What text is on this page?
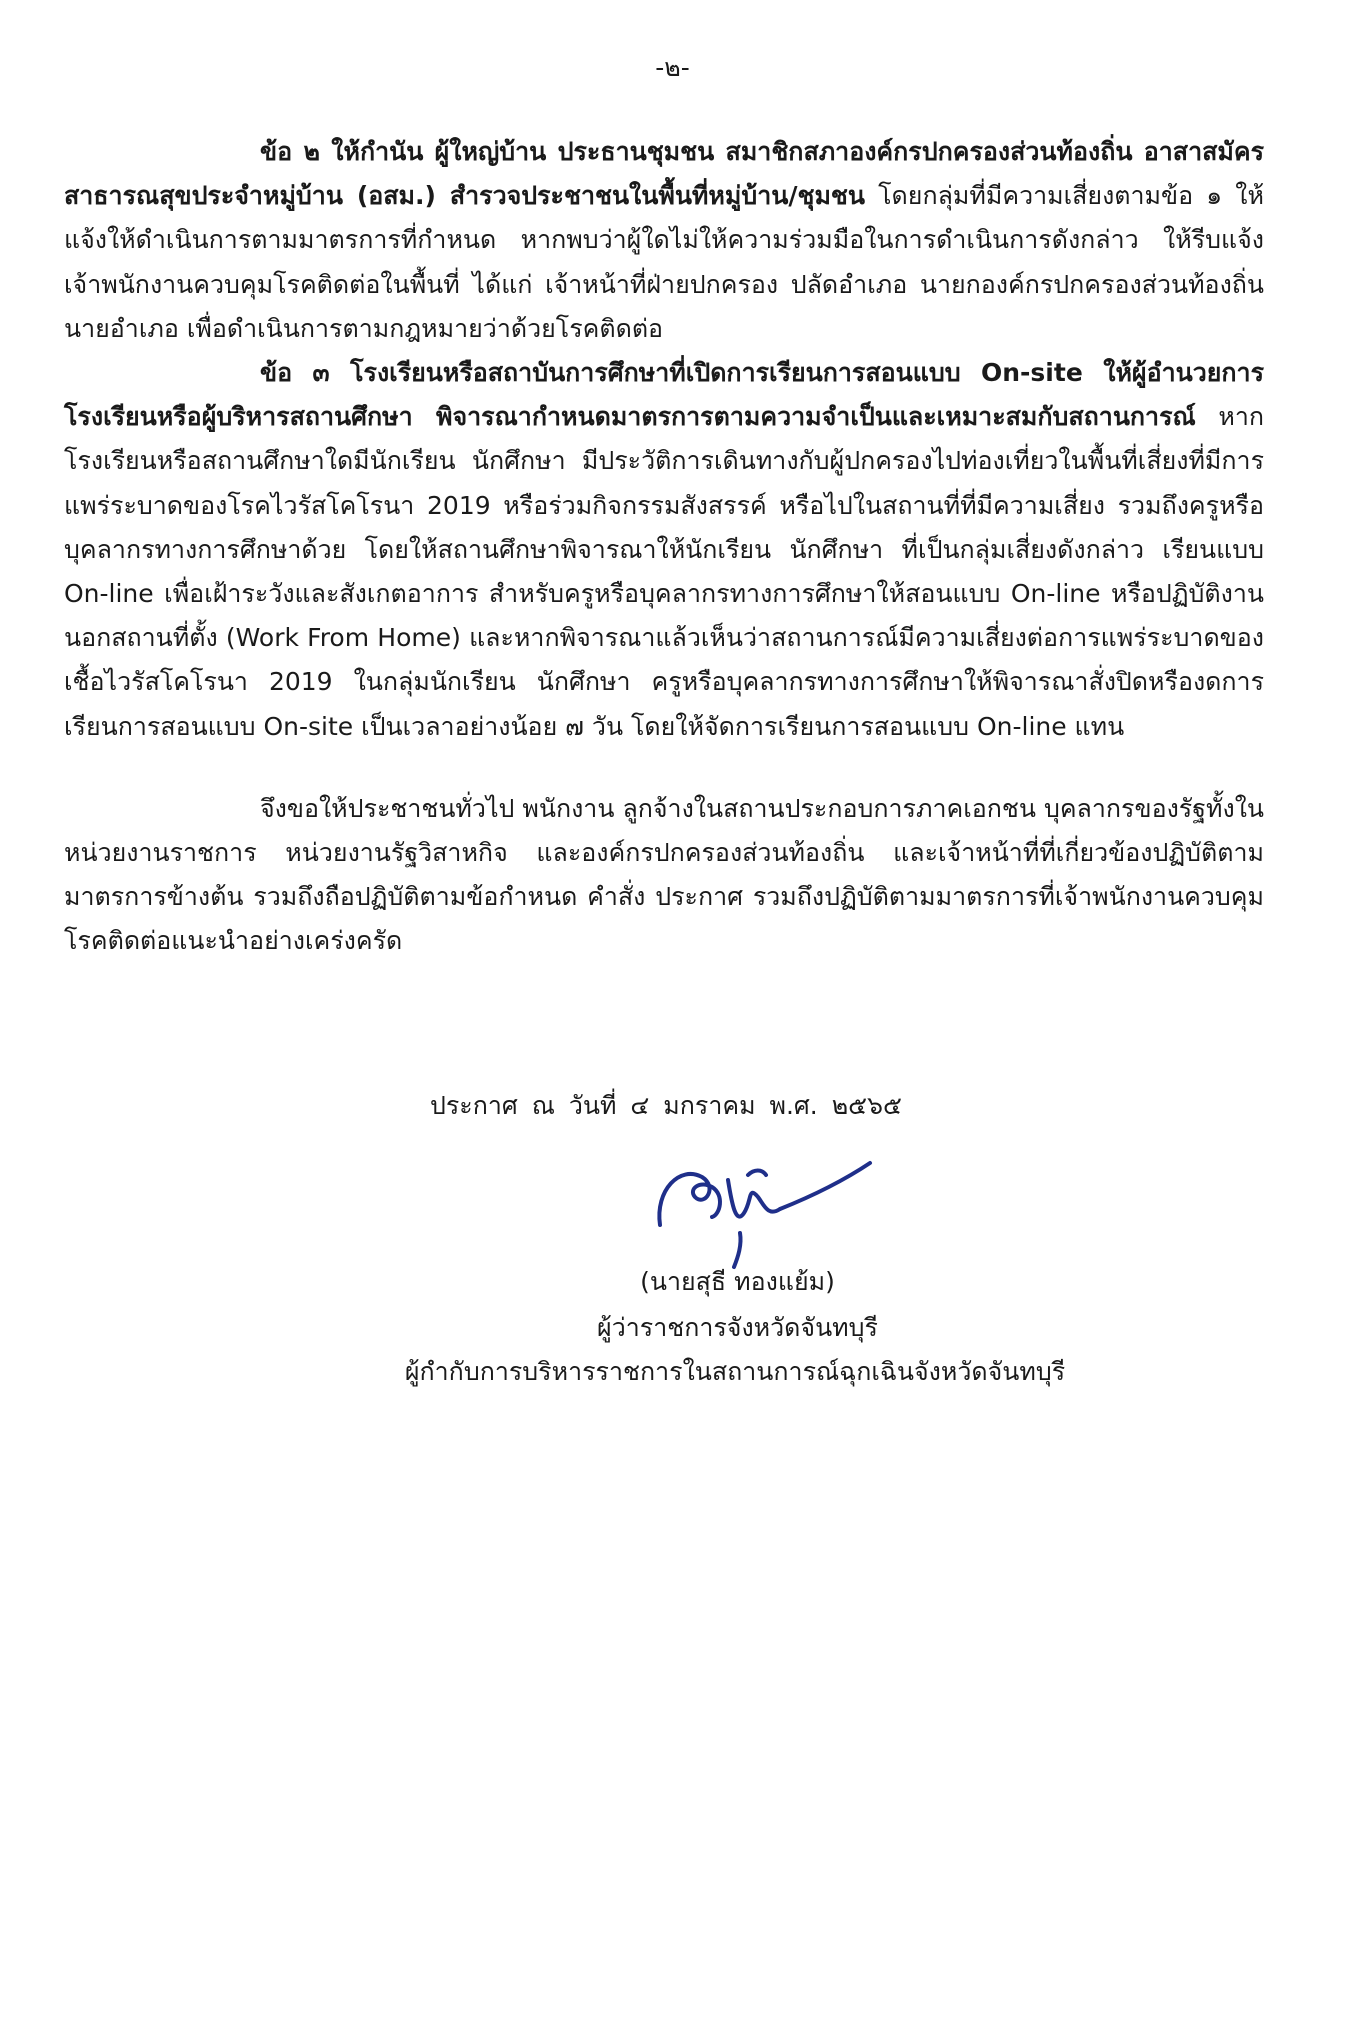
-๒-

ข้อ ๒ ให้กำนัน ผู้ใหญ่บ้าน ประธานชุมชน สมาชิกสภาองค์กรปกครองส่วนท้องถิ่น อาสาสมัครสาธารณสุขประจำหมู่บ้าน (อสม.) สำรวจประชาชนในพื้นที่หมู่บ้าน/ชุมชน โดยกลุ่มที่มีความเสี่ยงตามข้อ ๑ ให้แจ้งให้ดำเนินการตามมาตรการที่กำหนด หากพบว่าผู้ใดไม่ให้ความร่วมมือในการดำเนินการดังกล่าว ให้รีบแจ้งเจ้าพนักงานควบคุมโรคติดต่อในพื้นที่ ได้แก่ เจ้าหน้าที่ฝ่ายปกครอง ปลัดอำเภอ นายกองค์กรปกครองส่วนท้องถิ่น นายอำเภอ เพื่อดำเนินการตามกฎหมายว่าด้วยโรคติดต่อ

ข้อ ๓ โรงเรียนหรือสถาบันการศึกษาที่เปิดการเรียนการสอนแบบ On-site ให้ผู้อำนวยการโรงเรียนหรือผู้บริหารสถานศึกษา พิจารณากำหนดมาตรการตามความจำเป็นและเหมาะสมกับสถานการณ์ หากโรงเรียนหรือสถานศึกษาใดมีนักเรียน นักศึกษา มีประวัติการเดินทางกับผู้ปกครองไปท่องเที่ยวในพื้นที่เสี่ยงที่มีการแพร่ระบาดของโรคไวรัสโคโรนา 2019 หรือร่วมกิจกรรมสังสรรค์ หรือไปในสถานที่ที่มีความเสี่ยง รวมถึงครูหรือบุคลากรทางการศึกษาด้วย โดยให้สถานศึกษาพิจารณาให้นักเรียน นักศึกษา ที่เป็นกลุ่มเสี่ยงดังกล่าว เรียนแบบ On-line เพื่อเฝ้าระวังและสังเกตอาการ สำหรับครูหรือบุคลากรทางการศึกษาให้สอนแบบ On-line หรือปฏิบัติงานนอกสถานที่ตั้ง (Work From Home) และหากพิจารณาแล้วเห็นว่าสถานการณ์มีความเสี่ยงต่อการแพร่ระบาดของเชื้อไวรัสโคโรนา 2019 ในกลุ่มนักเรียน นักศึกษา ครูหรือบุคลากรทางการศึกษาให้พิจารณาสั่งปิดหรืองดการเรียนการสอนแบบ On-site เป็นเวลาอย่างน้อย ๗ วัน โดยให้จัดการเรียนการสอนแบบ On-line แทน

จึงขอให้ประชาชนทั่วไป พนักงาน ลูกจ้างในสถานประกอบการภาคเอกชน บุคลากรของรัฐทั้งในหน่วยงานราชการ หน่วยงานรัฐวิสาหกิจ และองค์กรปกครองส่วนท้องถิ่น และเจ้าหน้าที่ที่เกี่ยวข้องปฏิบัติตามมาตรการข้างต้น รวมถึงถือปฏิบัติตามข้อกำหนด คำสั่ง ประกาศ รวมถึงปฏิบัติตามมาตรการที่เจ้าพนักงานควบคุมโรคติดต่อแนะนำอย่างเคร่งครัด

ประกาศ ณ วันที่ ๔ มกราคม พ.ศ. ๒๕๖๕
(นายสุธี ทองแย้ม)
ผู้ว่าราชการจังหวัดจันทบุรี
ผู้กำกับการบริหารราชการในสถานการณ์ฉุกเฉินจังหวัดจันทบุรี
